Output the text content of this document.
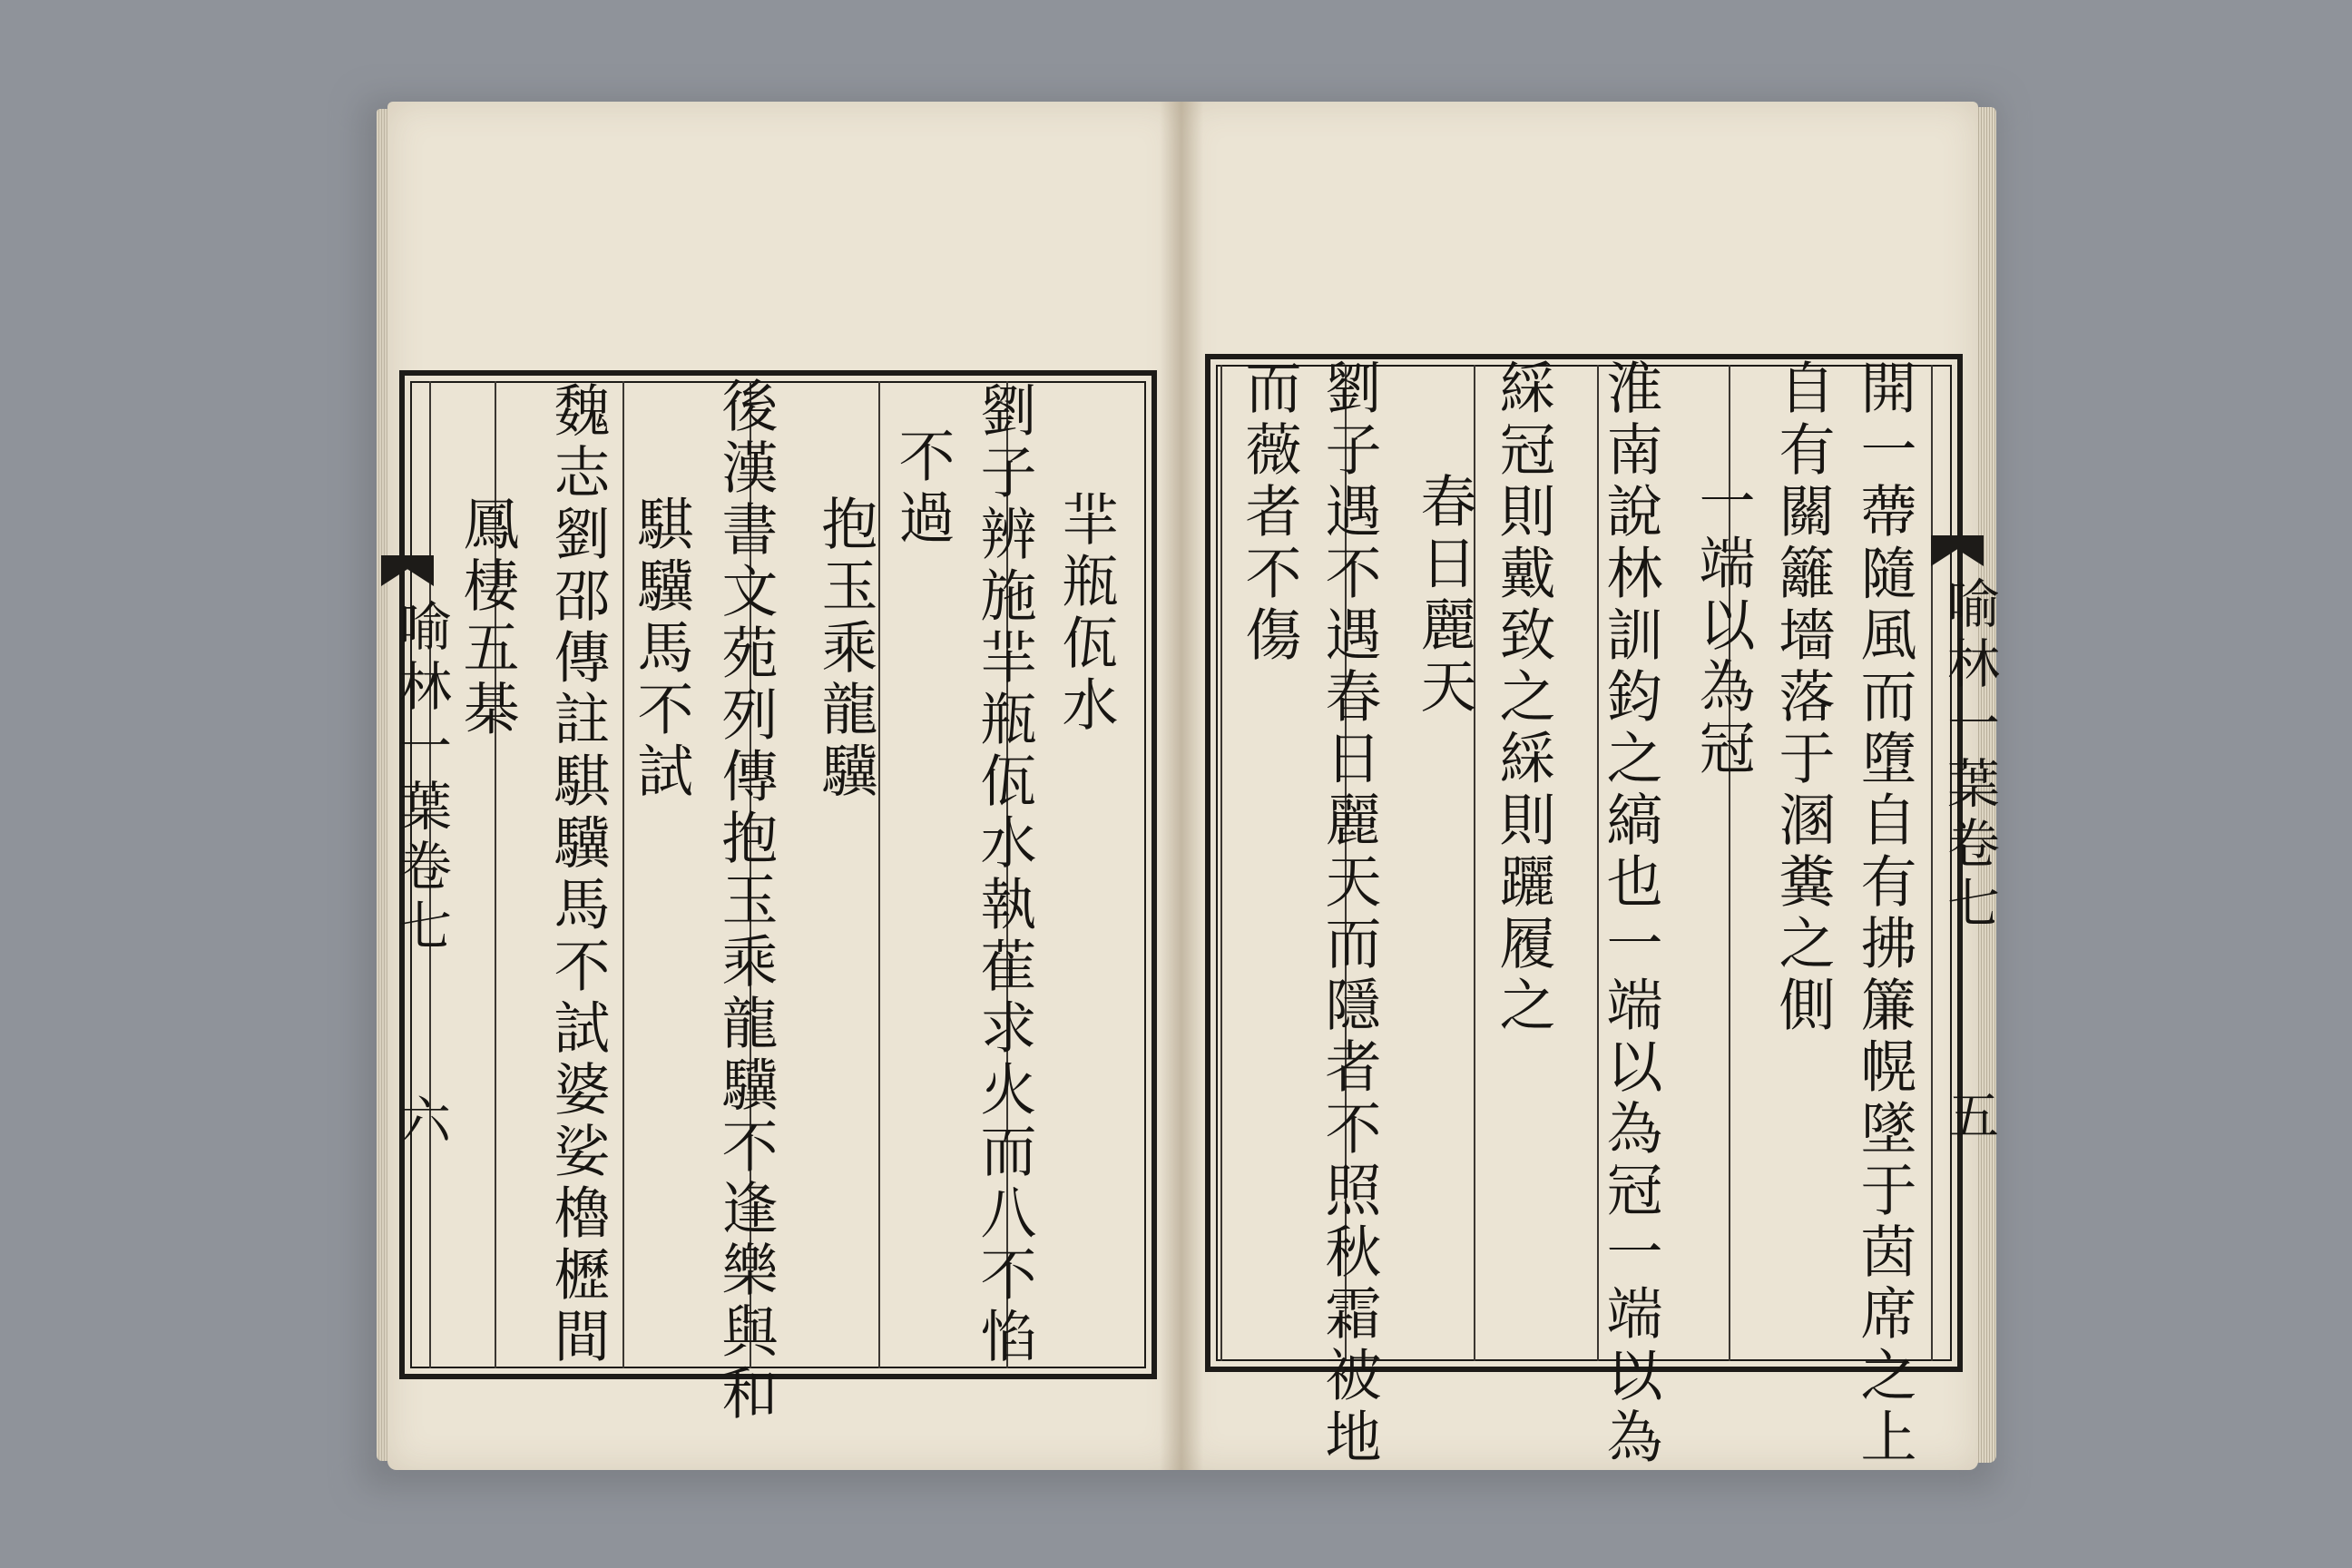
喻林一葉卷七
六
羋瓶佤水
劉子辨施羋瓶佤水執萑求火而八不惂
不過
抱玉乘龍驥
後漢書文苑列傳抱玉乘龍驥不逢樂與和
騏驥馬不試
魏志劉邵傳註騏驥馬不試婆娑櫓櫪間
鳳棲五棊	喻林一葉卷七
五
開一蔕隨風而墮自有拂簾幌墜于茵席之上
自有關籬墻落于溷糞之側
一端以為冠
淮南說林訓鈞之縞也一端以為冠一端以為
綵冠則戴致之綵則躧履之
春日麗天
劉子遇不遇春日麗天而隱者不照秋霜被地
而薇者不傷
